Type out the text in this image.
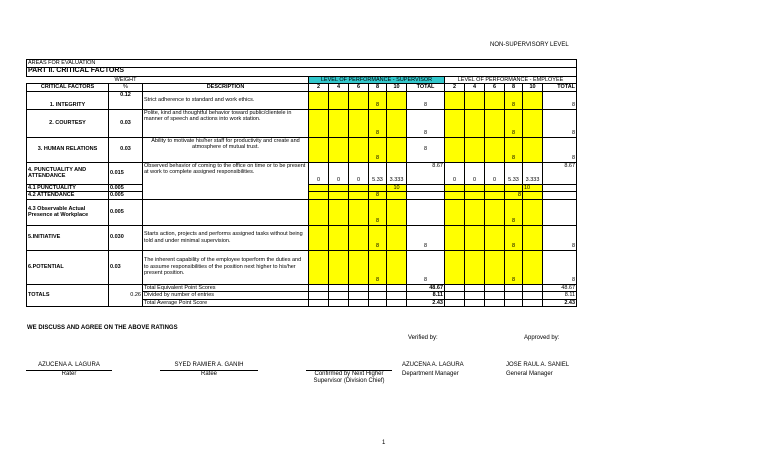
NON-SUPERVISORY LEVEL
AREAS FOR EVALUATION														
PART II. CRITICAL FACTORS														
	WEIGHT		LEVEL OF PERFORMANCE - SUPERVISOR						LEVEL OF PERFORMANCE - EMPLOYEE					
CRITICAL FACTORS	%	DESCRIPTION	2	4	6	8	10	TOTAL	2	4	6	8	10	TOTAL
1. INTEGRITY	0.12	Strict adherence to standard and work ethics.				8		8				8		8
2. COURTESY	0.03	Polite, kind and thoughtful behavior toward public/clientele in manner of speech and actions into work station.				8		8				8		8
3. HUMAN RELATIONS	0.03	Ability to motivate his/her staff for productivity and create and atmosphere of mutual trust.				8		8				8		8
4. PUNCTUALITY AND ATTENDANCE	0.015	Observed behavior of coming to the office on time or to be present at work to complete assigned responsibilities.	0	0	0	5.33	3.333	8.67	0	0	0	5.33	3.333	8.67
4.1 PUNCTUALITY	0.005						10						10	
4.2 ATTENDANCE	0.005					8						8		
4.3 Observable Actual Presence at Workplace	0.005					8						8		
5.INITIATIVE	0.030	Starts action, projects and performs assigned tasks without being told and under minimal supervision.				8		8				8		8
6.POTENTIAL	0.03	The inherent capability of the employee toperform the duties and to assume responsibilities of the position next higher to his/her present position.				8		8				8		8
TOTALS	0.26	Total Equivalent Point Scores						48.67						48.67
		Divided by number of entries						8.11						8.11
		Total Average Point Score						2.43						2.43
WE DISCUSS AND AGREE ON THE ABOVE RATINGS
Verified by:	Approved by:
AZUCENA A. LAGURA
Rater
SYED RAMIER A. GANIH
Ratee	Confirmed by Next Higher Supervisor (Division Chief)
AZUCENA A. LAGURA
Department Manager
JOSE RAUL A. SANIEL
General Manager
1
